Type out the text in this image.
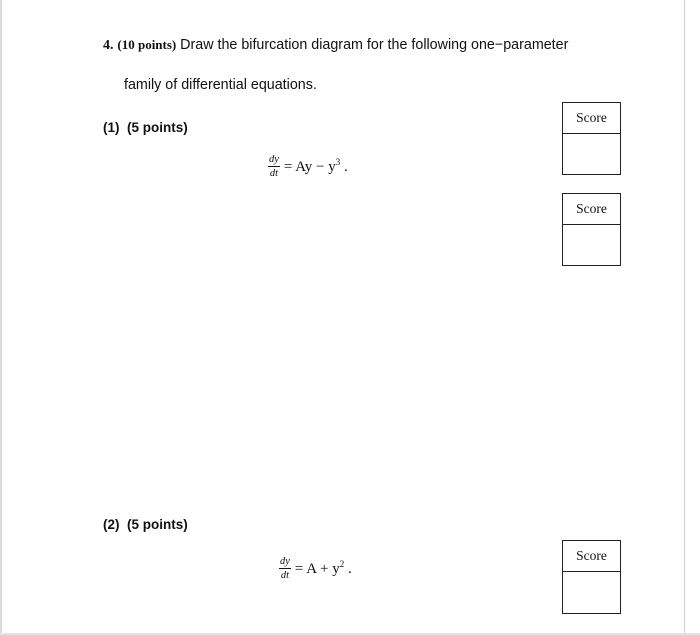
4. (10 points) Draw the bifurcation diagram for the following one−parameter
family of differential equations.
(1) (5 points)
$\frac{dy}{dt} = Ay - y^3$ .
(2) (5 points)
$\frac{dy}{dt} = A + y^2$ .
Score
Score
Score
